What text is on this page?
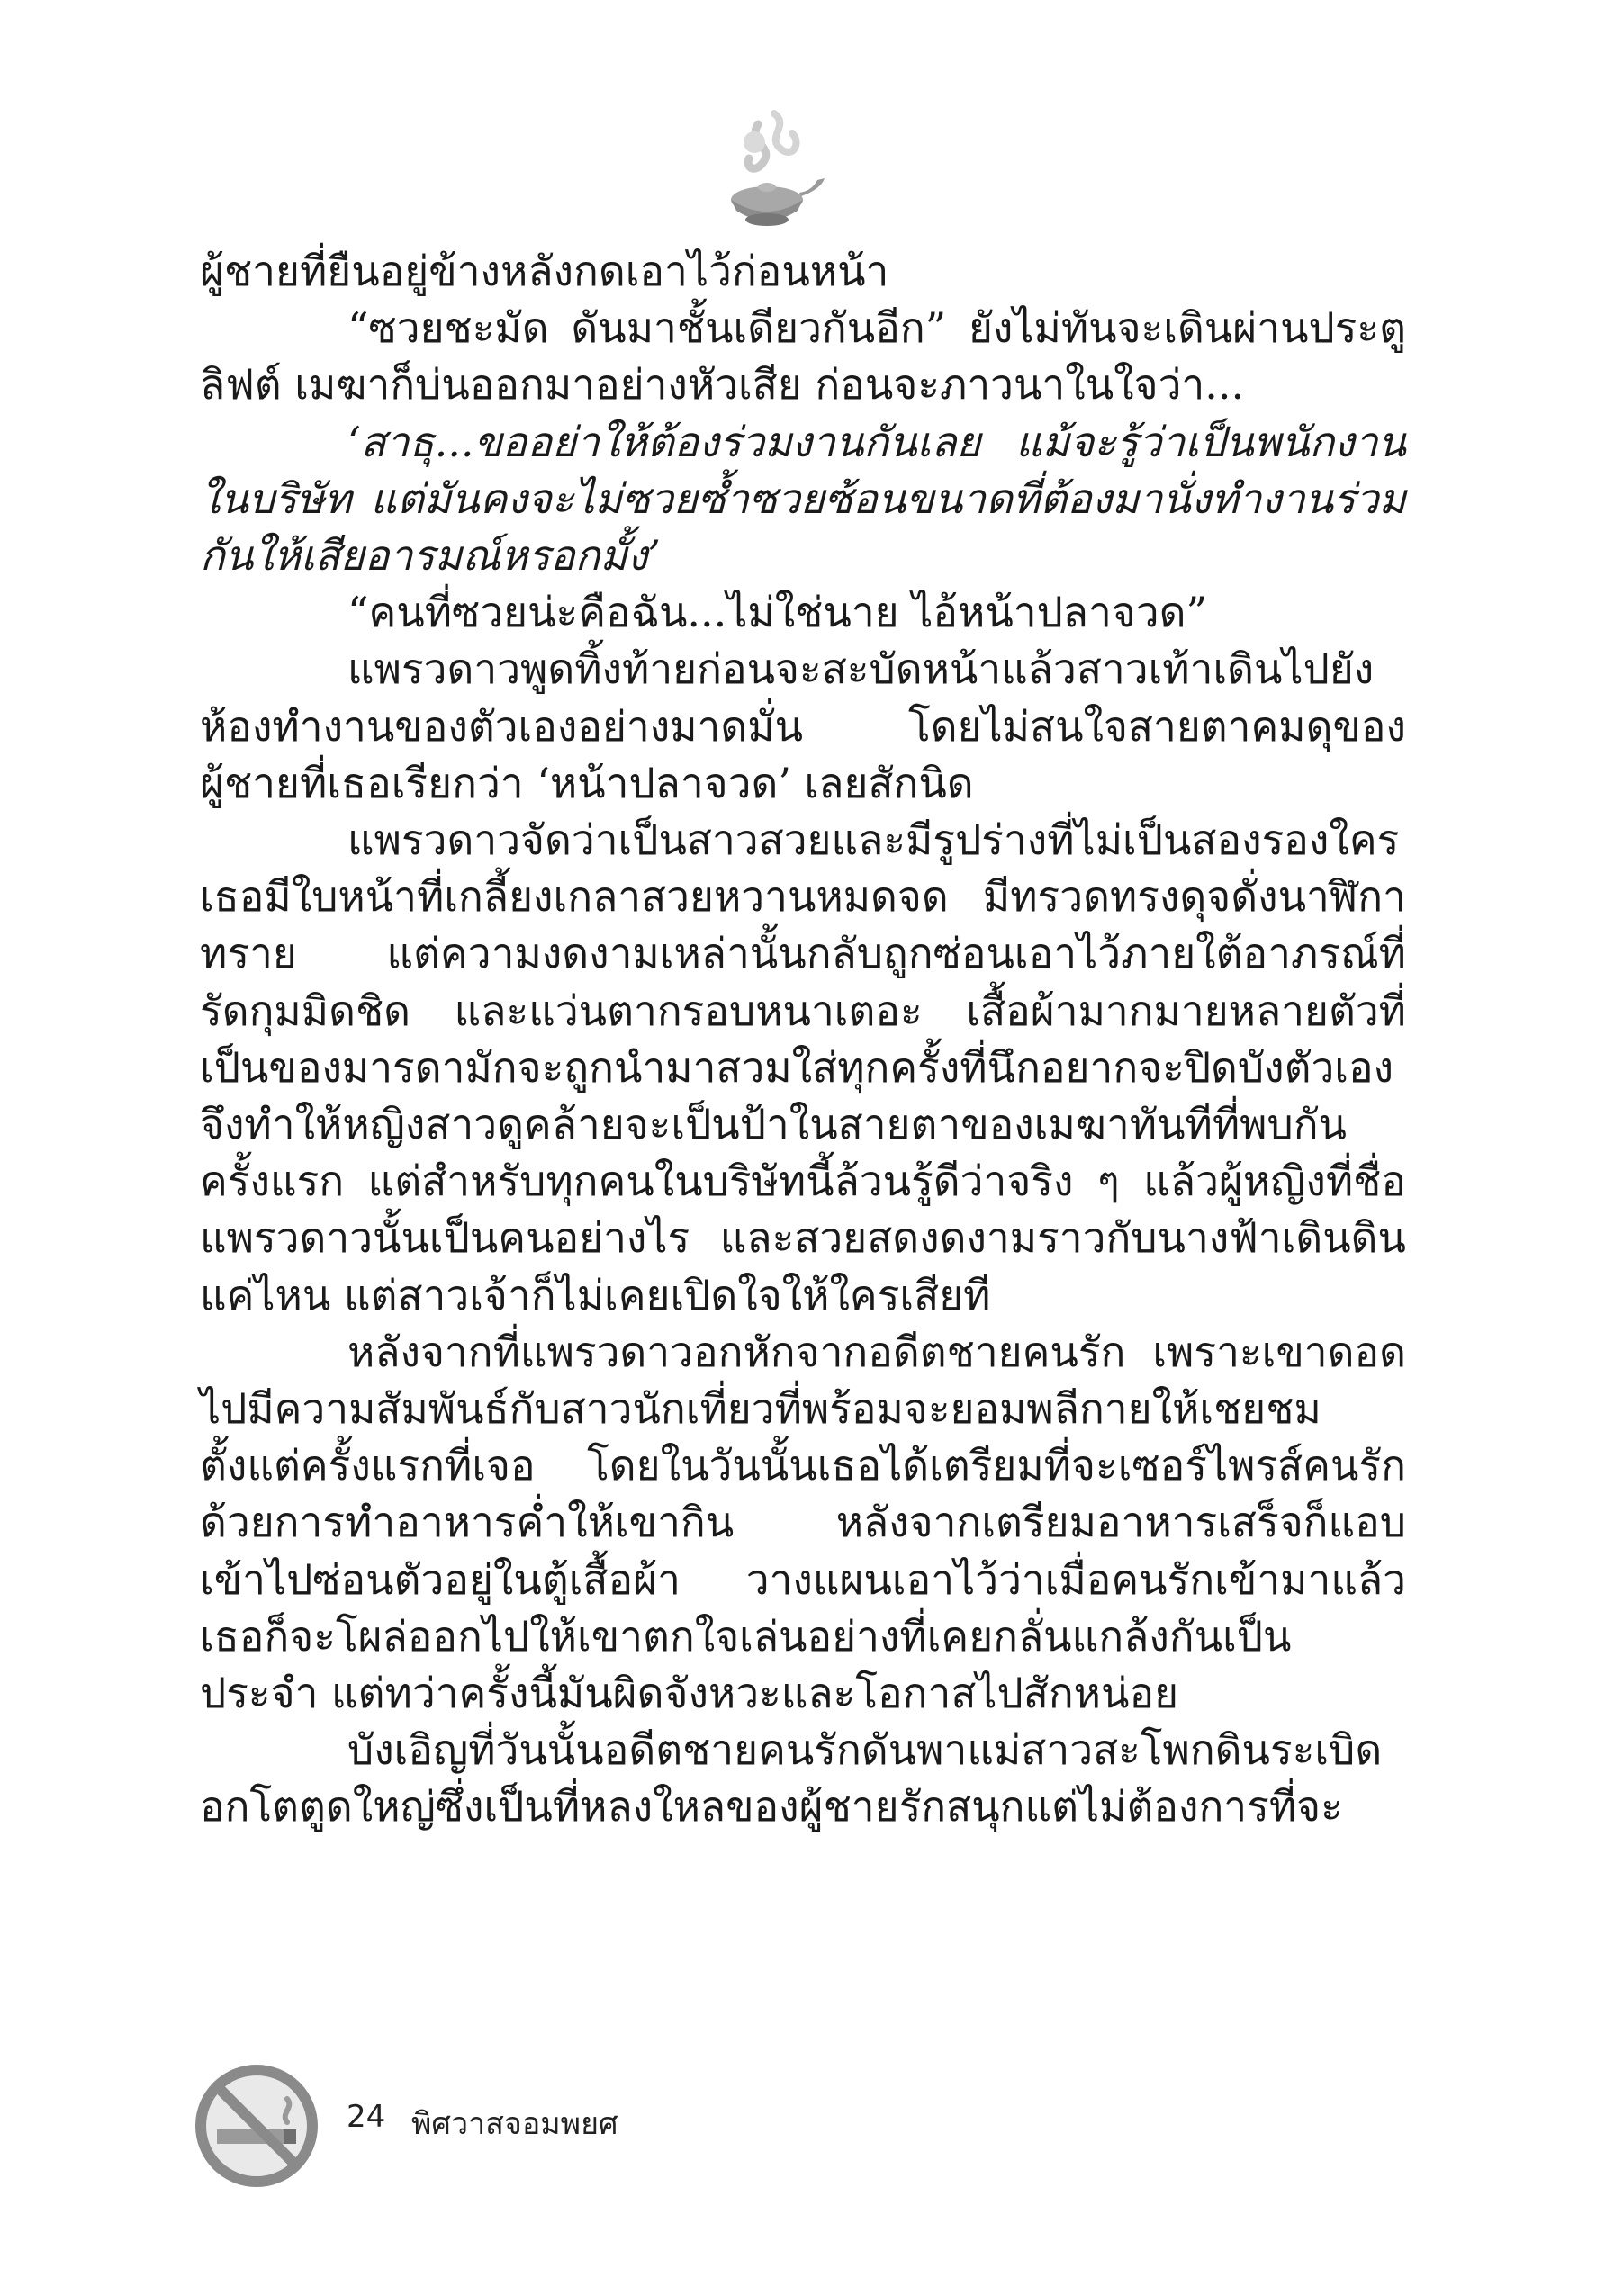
ผู้ชายที่ยืนอยู่ข้างหลังกดเอาไว้ก่อนหน้า

“ซวยชะมัด ดันมาชั้นเดียวกันอีก” ยังไม่ทันจะเดินผ่านประตูลิฟต์ เมฆาก็บ่นออกมาอย่างหัวเสีย ก่อนจะภาวนาในใจว่า...

‘สาธุ...ขออย่าให้ต้องร่วมงานกันเลย แม้จะรู้ว่าเป็นพนักงานในบริษัท แต่มันคงจะไม่ซวยซ้ำซวยซ้อนขนาดที่ต้องมานั่งทำงานร่วมกันให้เสียอารมณ์หรอกมั้ง’

“คนที่ซวยน่ะคือฉัน...ไม่ใช่นาย ไอ้หน้าปลาจวด”

แพรวดาวพูดทิ้งท้ายก่อนจะสะบัดหน้าแล้วสาวเท้าเดินไปยังห้องทำงานของตัวเองอย่างมาดมั่น โดยไม่สนใจสายตาคมดุของผู้ชายที่เธอเรียกว่า ‘หน้าปลาจวด’ เลยสักนิด

แพรวดาวจัดว่าเป็นสาวสวยและมีรูปร่างที่ไม่เป็นสองรองใคร เธอมีใบหน้าที่เกลี้ยงเกลาสวยหวานหมดจด มีทรวดทรงดุจดั่งนาฬิกาทราย แต่ความงดงามเหล่านั้นกลับถูกซ่อนเอาไว้ภายใต้อาภรณ์ที่รัดกุมมิดชิด และแว่นตากรอบหนาเตอะ เสื้อผ้ามากมายหลายตัวที่เป็นของมารดามักจะถูกนำมาสวมใส่ทุกครั้งที่นึกอยากจะปิดบังตัวเอง จึงทำให้หญิงสาวดูคล้ายจะเป็นป้าในสายตาของเมฆาทันทีที่พบกันครั้งแรก แต่สำหรับทุกคนในบริษัทนี้ล้วนรู้ดีว่าจริง ๆ แล้วผู้หญิงที่ชื่อแพรวดาวนั้นเป็นคนอย่างไร และสวยสดงดงามราวกับนางฟ้าเดินดินแค่ไหน แต่สาวเจ้าก็ไม่เคยเปิดใจให้ใครเสียที

หลังจากที่แพรวดาวอกหักจากอดีตชายคนรัก เพราะเขาดอดไปมีความสัมพันธ์กับสาวนักเที่ยวที่พร้อมจะยอมพลีกายให้เชยชมตั้งแต่ครั้งแรกที่เจอ โดยในวันนั้นเธอได้เตรียมที่จะเซอร์ไพรส์คนรักด้วยการทำอาหารค่ำให้เขากิน หลังจากเตรียมอาหารเสร็จก็แอบเข้าไปซ่อนตัวอยู่ในตู้เสื้อผ้า วางแผนเอาไว้ว่าเมื่อคนรักเข้ามาแล้วเธอก็จะโผล่ออกไปให้เขาตกใจเล่นอย่างที่เคยกลั่นแกล้งกันเป็นประจำ แต่ทว่าครั้งนี้มันผิดจังหวะและโอกาสไปสักหน่อย

บังเอิญที่วันนั้นอดีตชายคนรักดันพาแม่สาวสะโพกดินระเบิดอกโตตูดใหญ่ซึ่งเป็นที่หลงใหลของผู้ชายรักสนุกแต่ไม่ต้องการที่จะ

24 พิศวาสจอมพยศ
